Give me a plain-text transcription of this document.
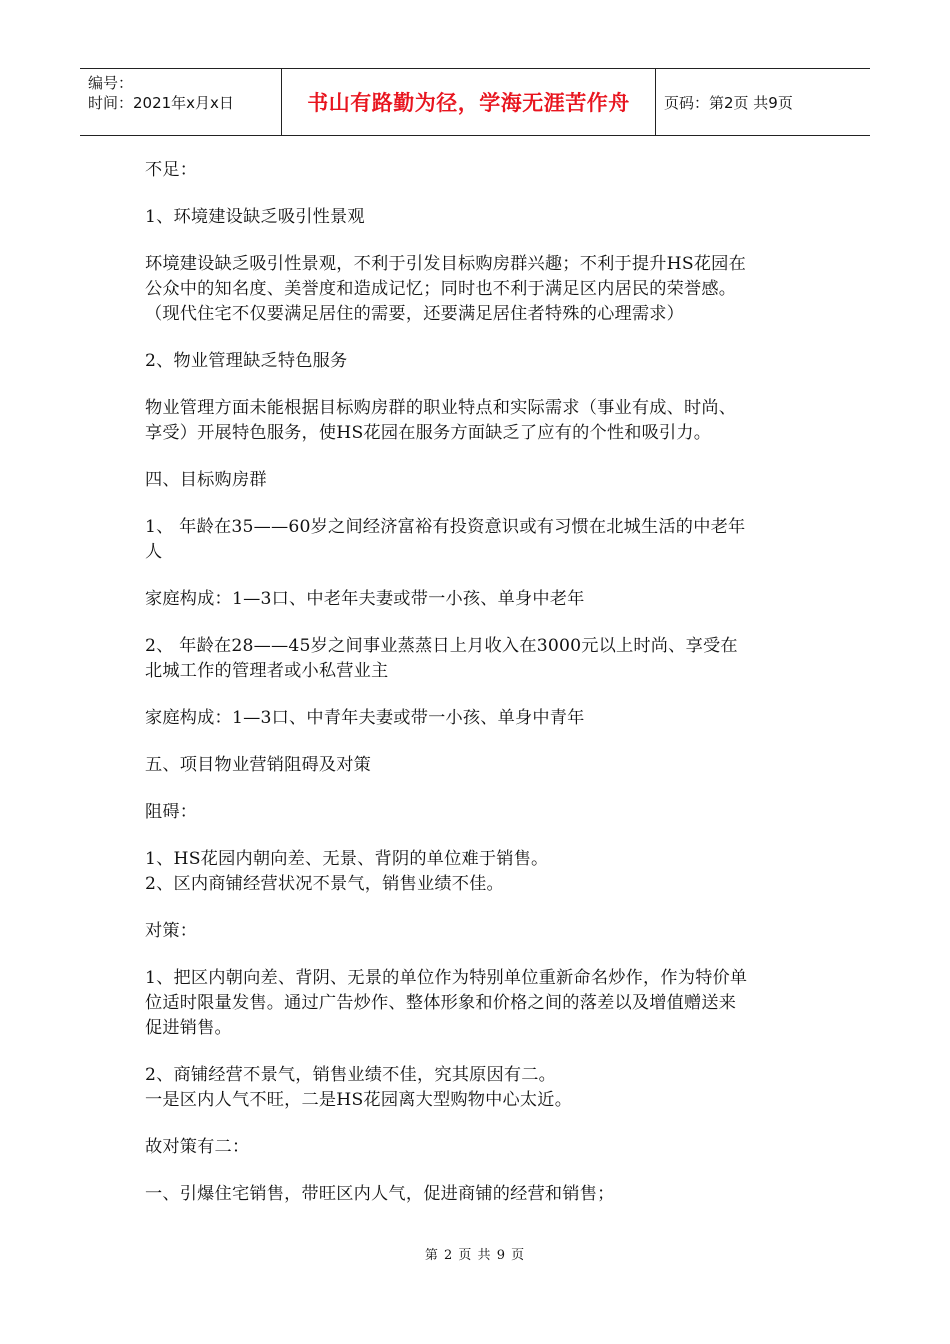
编号：
时间：2021年x月x日	书山有路勤为径，学海无涯苦作舟	页码：第2页 共9页
不足：
1、环境建设缺乏吸引性景观
环境建设缺乏吸引性景观，不利于引发目标购房群兴趣；不利于提升HS花园在
公众中的知名度、美誉度和造成记忆；同时也不利于满足区内居民的荣誉感。
（现代住宅不仅要满足居住的需要，还要满足居住者特殊的心理需求）
2、物业管理缺乏特色服务
物业管理方面未能根据目标购房群的职业特点和实际需求（事业有成、时尚、
享受）开展特色服务，使HS花园在服务方面缺乏了应有的个性和吸引力。
四、目标购房群
1、 年龄在35——60岁之间经济富裕有投资意识或有习惯在北城生活的中老年
人
家庭构成：1—3口、中老年夫妻或带一小孩、单身中老年
2、 年龄在28——45岁之间事业蒸蒸日上月收入在3000元以上时尚、享受在
北城工作的管理者或小私营业主
家庭构成：1—3口、中青年夫妻或带一小孩、单身中青年
五、项目物业营销阻碍及对策
阻碍：
1、HS花园内朝向差、无景、背阴的单位难于销售。
2、区内商铺经营状况不景气，销售业绩不佳。
对策：
1、把区内朝向差、背阴、无景的单位作为特别单位重新命名炒作，作为特价单
位适时限量发售。通过广告炒作、整体形象和价格之间的落差以及增值赠送来
促进销售。
2、商铺经营不景气，销售业绩不佳，究其原因有二。
一是区内人气不旺，二是HS花园离大型购物中心太近。
故对策有二：
一、引爆住宅销售，带旺区内人气，促进商铺的经营和销售；
第 2 页 共 9 页
